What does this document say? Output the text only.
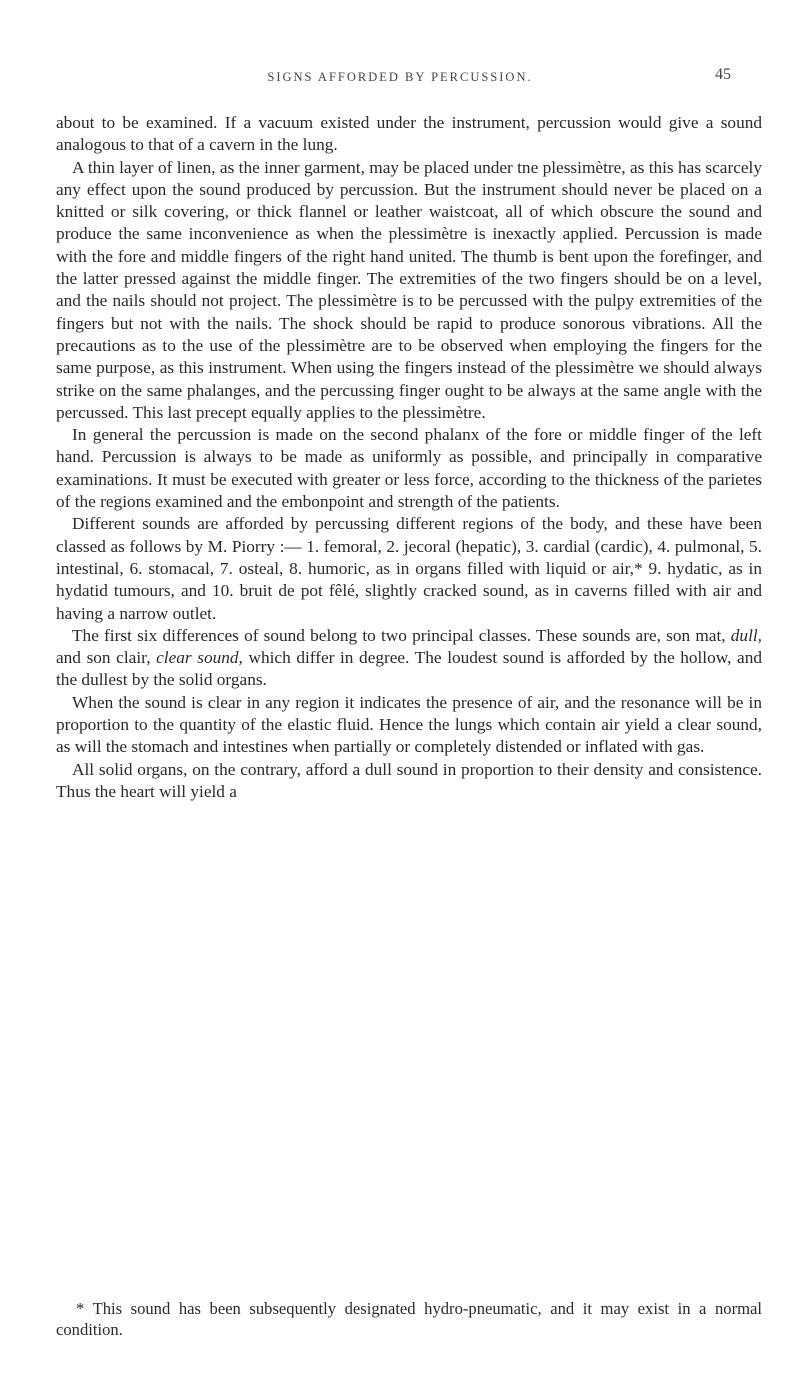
SIGNS AFFORDED BY PERCUSSION.	45

about to be examined. If a vacuum existed under the instrument, percussion would give a sound analogous to that of a cavern in the lung.

A thin layer of linen, as the inner garment, may be placed under tne plessimètre, as this has scarcely any effect upon the sound produced by percussion. But the instrument should never be placed on a knitted or silk covering, or thick flannel or leather waistcoat, all of which obscure the sound and produce the same inconvenience as when the plessimètre is inexactly applied. Percussion is made with the fore and middle fingers of the right hand united. The thumb is bent upon the forefinger, and the latter pressed against the middle finger. The extremities of the two fingers should be on a level, and the nails should not project. The plessimètre is to be percussed with the pulpy extremities of the fingers but not with the nails. The shock should be rapid to produce sonorous vibrations. All the precautions as to the use of the plessimètre are to be observed when employing the fingers for the same purpose, as this instrument. When using the fingers instead of the plessimètre we should always strike on the same phalanges, and the percussing finger ought to be always at the same angle with the percussed. This last precept equally applies to the plessimètre.

In general the percussion is made on the second phalanx of the fore or middle finger of the left hand. Percussion is always to be made as uniformly as possible, and principally in comparative examinations. It must be executed with greater or less force, according to the thickness of the parietes of the regions examined and the embonpoint and strength of the patients.

Different sounds are afforded by percussing different regions of the body, and these have been classed as follows by M. Piorry :— 1. femoral, 2. jecoral (hepatic), 3. cardial (cardic), 4. pulmonal, 5. intestinal, 6. stomacal, 7. osteal, 8. humoric, as in organs filled with liquid or air,* 9. hydatic, as in hydatid tumours, and 10. bruit de pot fêlé, slightly cracked sound, as in caverns filled with air and having a narrow outlet.

The first six differences of sound belong to two principal classes. These sounds are, son mat, dull, and son clair, clear sound, which differ in degree. The loudest sound is afforded by the hollow, and the dullest by the solid organs.

When the sound is clear in any region it indicates the presence of air, and the resonance will be in proportion to the quantity of the elastic fluid. Hence the lungs which contain air yield a clear sound, as will the stomach and intestines when partially or completely distended or inflated with gas.

All solid organs, on the contrary, afford a dull sound in proportion to their density and consistence. Thus the heart will yield a

* This sound has been subsequently designated hydro-pneumatic, and it may exist in a normal condition.
